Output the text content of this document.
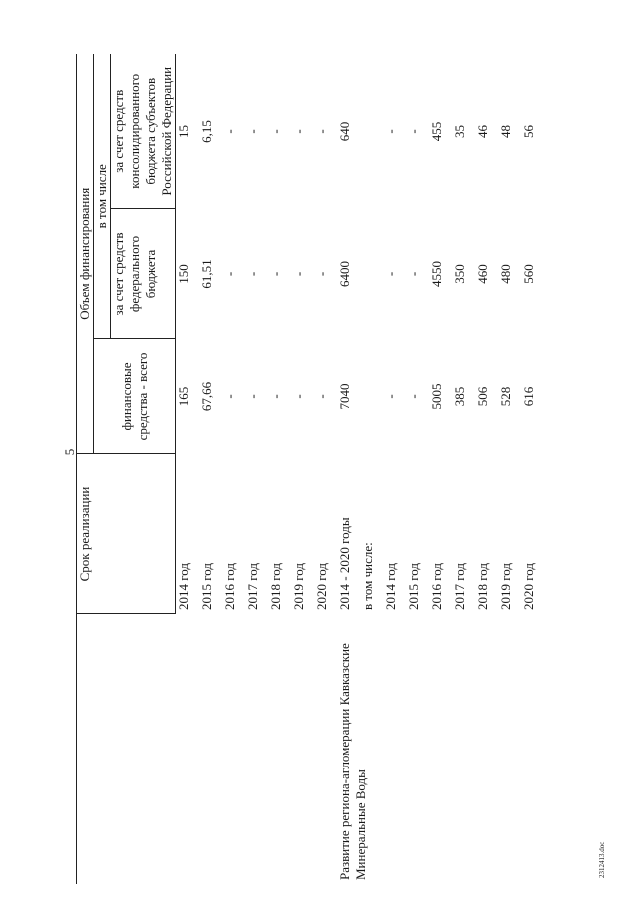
5
	Срок реализации	Объем финансирования		
		финансовые средства - всего	в том числе	
			за счет средств федерального бюджета	за счет средств консолидированного бюджета субъектов Российской Федерации
	2014 год	165	150	15
	2015 год	67,66	61,51	6,15
	2016 год	-	-	-
	2017 год	-	-	-
	2018 год	-	-	-
	2019 год	-	-	-
	2020 год	-	-	-
Развитие региона-агломерации Кавказские Минеральные Воды	2014 - 2020 годы	7040	6400	640
	в том числе:			
	2014 год	-	-	-
	2015 год	-	-	-
	2016 год	5005	4550	455
	2017 год	385	350	35
	2018 год	506	460	46
	2019 год	528	480	48
	2020 год	616	560	56
2312413.doc
